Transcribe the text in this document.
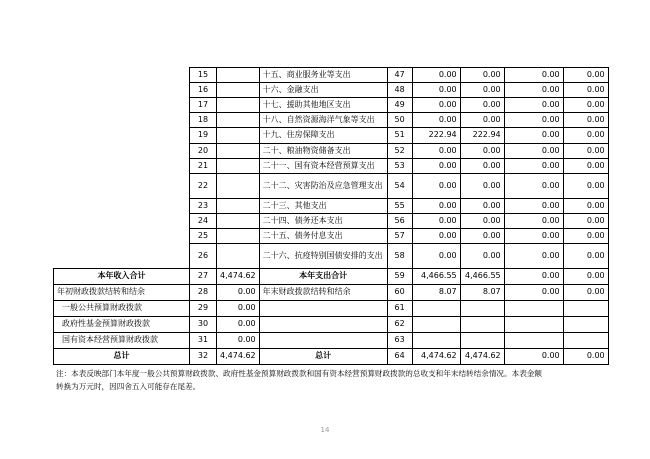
	15		十五、商业服务业等支出	47	0.00	0.00	0.00	0.00
	16		十六、金融支出	48	0.00	0.00	0.00	0.00
	17		十七、援助其他地区支出	49	0.00	0.00	0.00	0.00
	18		十八、自然资源海洋气象等支出	50	0.00	0.00	0.00	0.00
	19		十九、住房保障支出	51	222.94	222.94	0.00	0.00
	20		二十、粮油物资储备支出	52	0.00	0.00	0.00	0.00
	21		二十一、国有资本经营预算支出	53	0.00	0.00	0.00	0.00
	22		二十二、灾害防治及应急管理支出	54	0.00	0.00	0.00	0.00
	23		二十三、其他支出	55	0.00	0.00	0.00	0.00
	24		二十四、债务还本支出	56	0.00	0.00	0.00	0.00
	25		二十五、债务付息支出	57	0.00	0.00	0.00	0.00
	26		二十六、抗疫特别国债安排的支出	58	0.00	0.00	0.00	0.00
本年收入合计	27	4,474.62	本年支出合计	59	4,466.55	4,466.55	0.00	0.00
年初财政拨款结转和结余	28	0.00	年末财政拨款结转和结余	60	8.07	8.07	0.00	0.00
一般公共预算财政拨款	29	0.00		61				
政府性基金预算财政拨款	30	0.00		62				
国有资本经营预算财政拨款	31	0.00		63				
总计	32	4,474.62	总计	64	4,474.62	4,474.62	0.00	0.00
注：本表反映部门本年度一般公共预算财政拨款、政府性基金预算财政拨款和国有资本经营预算财政拨款的总收支和年末结转结余情况。本表金额
转换为万元时，因四舍五入可能存在尾差。
14
